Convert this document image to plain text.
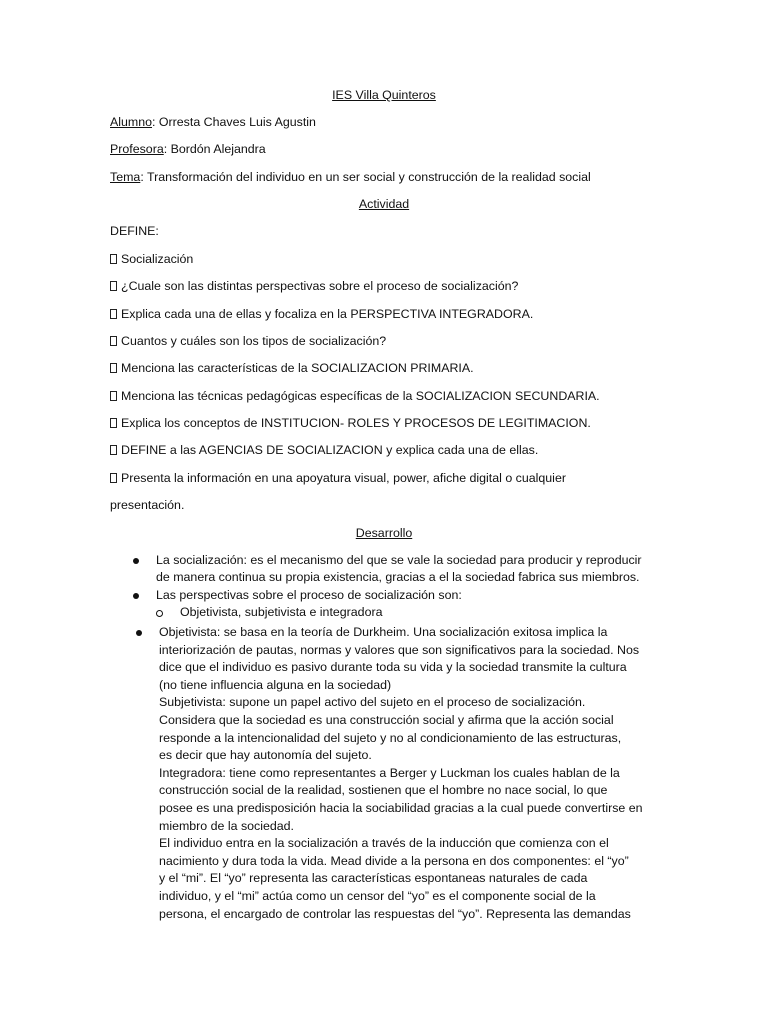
IES Villa Quinteros
Alumno: Orresta Chaves Luis Agustin
Profesora: Bordón Alejandra
Tema: Transformación del individuo en un ser social y construcción de la realidad social
Actividad
DEFINE:
Socialización
¿Cuale son las distintas perspectivas sobre el proceso de socialización?
Explica cada una de ellas y focaliza en la PERSPECTIVA INTEGRADORA.
Cuantos y cuáles son los tipos de socialización?
Menciona las características de la SOCIALIZACION PRIMARIA.
Menciona las técnicas pedagógicas específicas de la SOCIALIZACION SECUNDARIA.
Explica los conceptos de INSTITUCION- ROLES Y PROCESOS DE LEGITIMACION.
DEFINE a las AGENCIAS DE SOCIALIZACION y explica cada una de ellas.
Presenta la información en una apoyatura visual, power, afiche digital o cualquier
presentación.
Desarrollo
La socialización: es el mecanismo del que se vale la sociedad para producir y reproducir
de manera continua su propia existencia, gracias a el la sociedad fabrica sus miembros.
Las perspectivas sobre el proceso de socialización son:
Objetivista, subjetivista e integradora
Objetivista: se basa en la teoría de Durkheim. Una socialización exitosa implica la
interiorización de pautas, normas y valores que son significativos para la sociedad. Nos
dice que el individuo es pasivo durante toda su vida y la sociedad transmite la cultura
(no tiene influencia alguna en la sociedad)
Subjetivista: supone un papel activo del sujeto en el proceso de socialización.
Considera que la sociedad es una construcción social y afirma que la acción social
responde a la intencionalidad del sujeto y no al condicionamiento de las estructuras,
es decir que hay autonomía del sujeto.
Integradora: tiene como representantes a Berger y Luckman los cuales hablan de la
construcción social de la realidad, sostienen que el hombre no nace social, lo que
posee es una predisposición hacia la sociabilidad gracias a la cual puede convertirse en
miembro de la sociedad.
El individuo entra en la socialización a través de la inducción que comienza con el
nacimiento y dura toda la vida. Mead divide a la persona en dos componentes: el “yo”
y el “mi”. El “yo” representa las características espontaneas naturales de cada
individuo, y el “mi” actúa como un censor del “yo” es el componente social de la
persona, el encargado de controlar las respuestas del “yo”. Representa las demandas
